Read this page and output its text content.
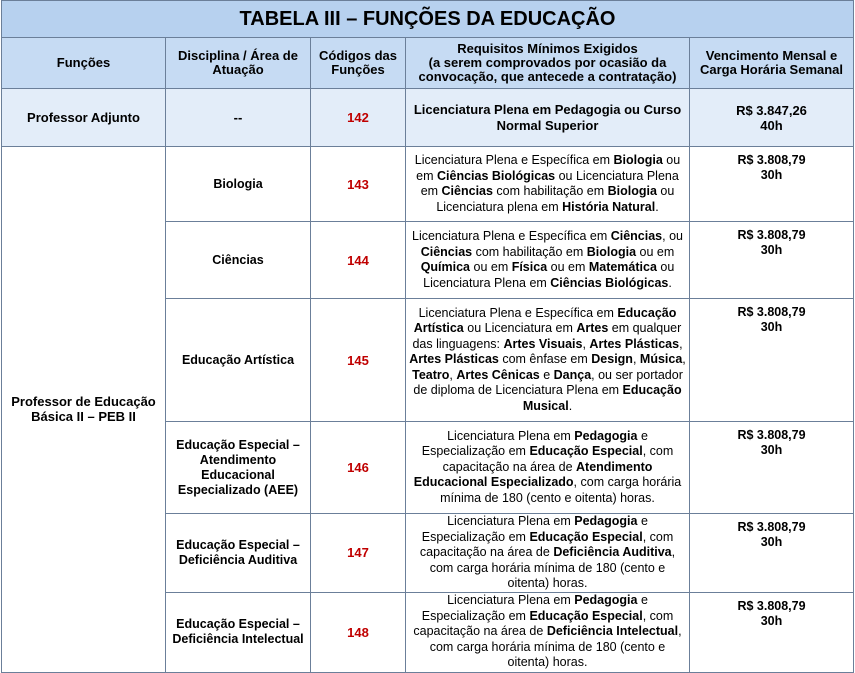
TABELA III – FUNÇÕES DA EDUCAÇÃO				
Funções	Disciplina / Área de Atuação	Códigos das Funções	Requisitos Mínimos Exigidos
(a serem comprovados por ocasião da convocação, que antecede a contratação)	Vencimento Mensal e Carga Horária Semanal
Professor Adjunto	--	142	Licenciatura Plena em Pedagogia ou Curso Normal Superior	R$ 3.847,26
40h
Professor de Educação Básica II – PEB II	Biologia	143	Licenciatura Plena e Específica em Biologia ou em Ciências Biológicas ou Licenciatura Plena em Ciências com habilitação em Biologia ou Licenciatura plena em História Natural.	R$ 3.808,79
30h
	Ciências	144	Licenciatura Plena e Específica em Ciências, ou Ciências com habilitação em Biologia ou em Química ou em Física ou em Matemática ou Licenciatura Plena em Ciências Biológicas.	R$ 3.808,79
30h
	Educação Artística	145	Licenciatura Plena e Específica em Educação Artística ou Licenciatura em Artes em qualquer das linguagens: Artes Visuais, Artes Plásticas, Artes Plásticas com ênfase em Design, Música, Teatro, Artes Cênicas e Dança, ou ser portador de diploma de Licenciatura Plena em Educação Musical.	R$ 3.808,79
30h
	Educação Especial – Atendimento Educacional Especializado (AEE)	146	Licenciatura Plena em Pedagogia e Especialização em Educação Especial, com capacitação na área de Atendimento Educacional Especializado, com carga horária mínima de 180 (cento e oitenta) horas.	R$ 3.808,79
30h
	Educação Especial – Deficiência Auditiva	147	Licenciatura Plena em Pedagogia e Especialização em Educação Especial, com capacitação na área de Deficiência Auditiva, com carga horária mínima de 180 (cento e oitenta) horas.	R$ 3.808,79
30h
	Educação Especial – Deficiência Intelectual	148	Licenciatura Plena em Pedagogia e Especialização em Educação Especial, com capacitação na área de Deficiência Intelectual, com carga horária mínima de 180 (cento e oitenta) horas.	R$ 3.808,79
30h
